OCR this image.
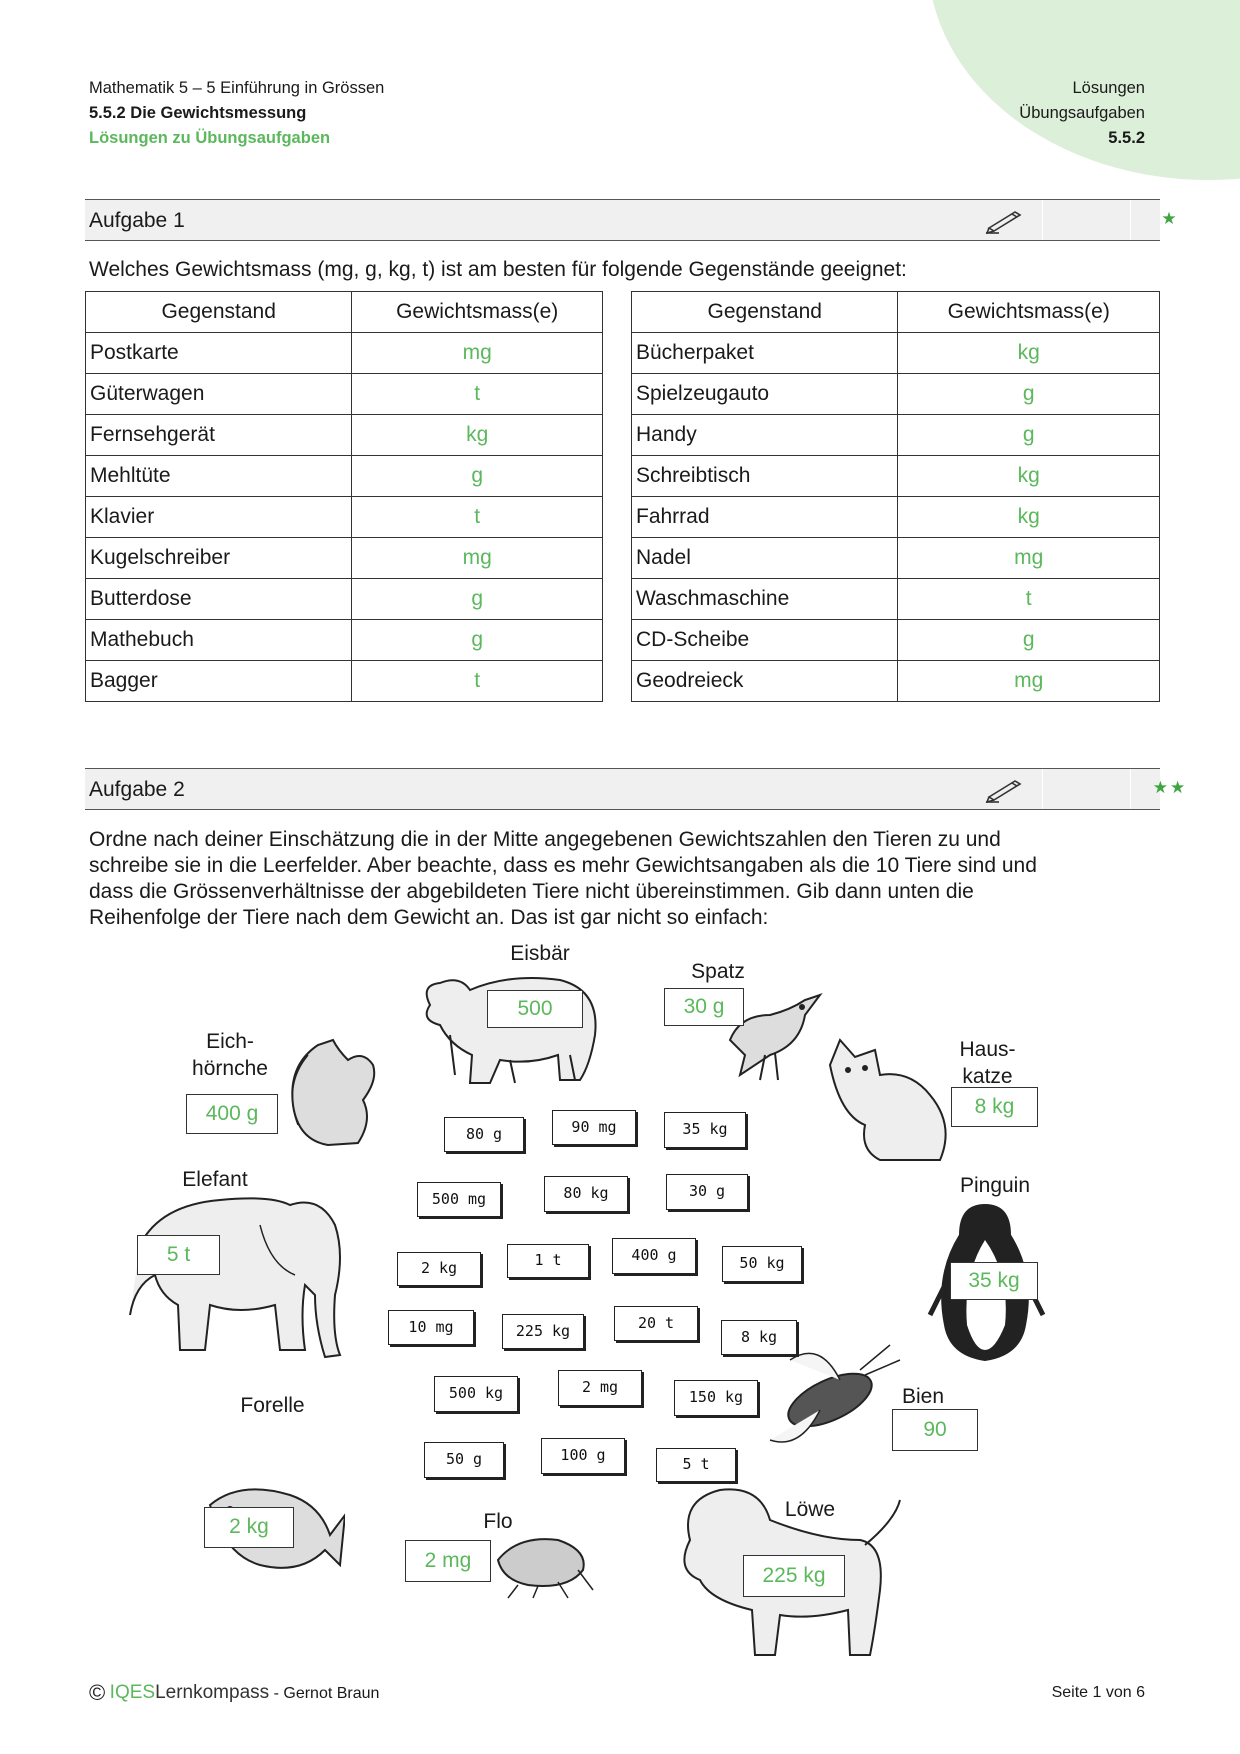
Mathematik 5 – 5 Einführung in Grössen
5.5.2 Die Gewichtsmessung
Lösungen zu Übungsaufgaben
Lösungen
Übungsaufgaben
5.5.2
Aufgabe 1	★
Welches Gewichtsmass (mg, g, kg, t) ist am besten für folgende Gegenstände geeignet:
Gegenstand	Gewichtsmass(e)
Postkarte	mg
Güterwagen	t
Fernsehgerät	kg
Mehltüte	g
Klavier	t
Kugelschreiber	mg
Butterdose	g
Mathebuch	g
Bagger	t
Gegenstand	Gewichtsmass(e)
Bücherpaket	kg
Spielzeugauto	g
Handy	g
Schreibtisch	kg
Fahrrad	kg
Nadel	mg
Waschmaschine	t
CD-Scheibe	g
Geodreieck	mg
Aufgabe 2	★★
Ordne nach deiner Einschätzung die in der Mitte angegebenen Gewichtszahlen den Tieren zu und
schreibe sie in die Leerfelder. Aber beachte, dass es mehr Gewichtsangaben als die 10 Tiere sind und
dass die Grössenverhältnisse der abgebildeten Tiere nicht übereinstimmen. Gib dann unten die
Reihenfolge der Tiere nach dem Gewicht an. Das ist gar nicht so einfach:
Eisbär
Spatz
Eich-
hörnche
Haus-
katze
Elefant	Pinguin
Bien
Forelle
Flo
Löwe
500	30 g
400 g	8 kg
5 t
35 kg
90
2 kg
2 mg
225 kg
80 g	90 mg	35 kg
500 mg	80 kg	30 g
2 kg	1 t	400 g	50 kg
10 mg	225 kg	20 t
8 kg
500 kg	2 mg
150 kg
50 g	100 g	5 t
© IQESLernkompass - Gernot Braun	Seite 1 von 6
